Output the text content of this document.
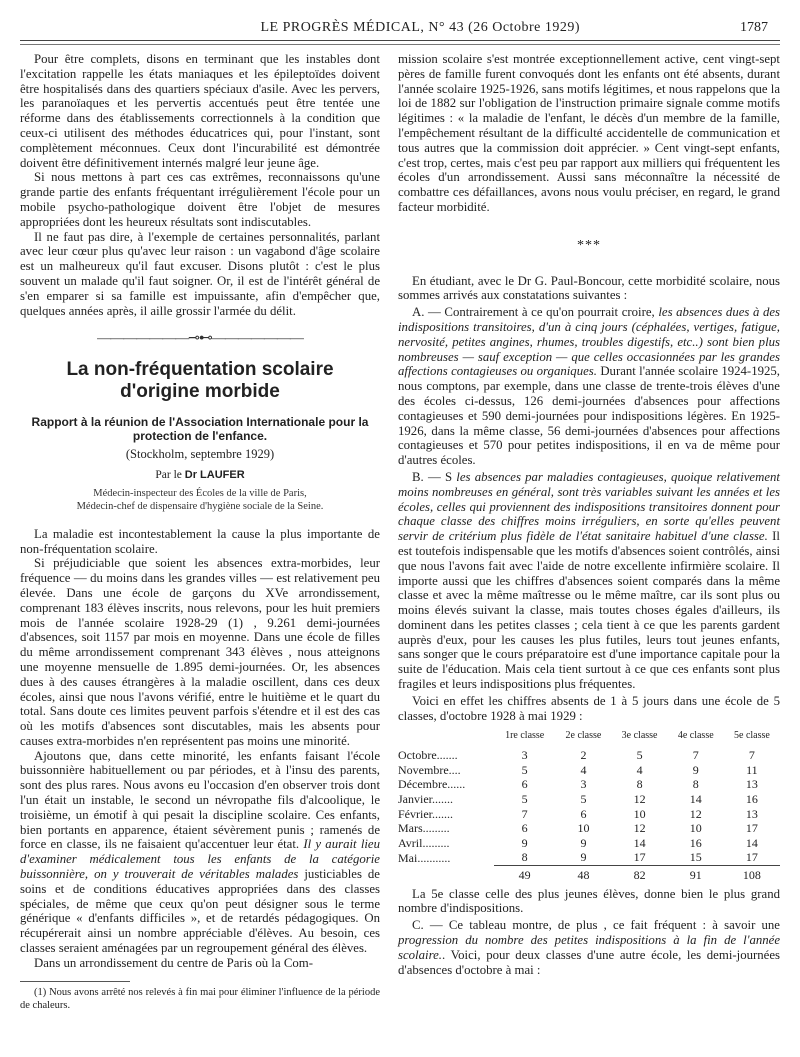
LE PROGRÈS MÉDICAL, N° 43 (26 Octobre 1929)	1787

Pour être complets, disons en terminant que les instables dont l'excitation rappelle les états maniaques et les épileptoïdes doivent être hospitalisés dans des quartiers spéciaux d'asile. Avec les pervers, les paranoïaques et les pervertis accentués peut être tentée une réforme dans des établissements correctionnels à la condition que ceux-ci utilisent des méthodes éducatrices qui, pour l'instant, sont complètement méconnues. Ceux dont l'incurabilité est démontrée doivent être définitivement internés malgré leur jeune âge.

Si nous mettons à part ces cas extrêmes, reconnaissons qu'une grande partie des enfants fréquentant irrégulièrement l'école pour un mobile psycho-pathologique doivent être l'objet de mesures appropriées dont les heureux résultats sont indiscutables.

Il ne faut pas dire, à l'exemple de certaines personnalités, parlant avec leur cœur plus qu'avec leur raison : un vagabond d'âge scolaire est un malheureux qu'il faut excuser. Disons plutôt : c'est le plus souvent un malade qu'il faut soigner. Or, il est de l'intérêt général de s'en emparer si sa famille est impuissante, afin d'empêcher que, quelques années après, il aille grossir l'armée du délit.

———————⊸⊷———————
La non-fréquentation scolaire
d'origine morbide
Rapport à la réunion de l'Association Internationale pour la protection de l'enfance.
(Stockholm, septembre 1929)
Par le Dr LAUFER
Médecin-inspecteur des Écoles de la ville de Paris,
Médecin-chef de dispensaire d'hygiène sociale de la Seine.

La maladie est incontestablement la cause la plus importante de non-fréquentation scolaire.

Si préjudiciable que soient les absences extra-morbides, leur fréquence — du moins dans les grandes villes — est relativement peu élevée. Dans une école de garçons du XVe arrondissement, comprenant 183 élèves inscrits, nous relevons, pour les huit premiers mois de l'année scolaire 1928-29 (1) , 9.261 demi-journées d'absences, soit 1157 par mois en moyenne. Dans une école de filles du même arrondissement comprenant 343 élèves , nous atteignons une moyenne mensuelle de 1.895 demi-journées. Or, les absences dues à des causes étrangères à la maladie oscillent, dans ces deux écoles, ainsi que nous l'avons vérifié, entre le huitième et le quart du total. Sans doute ces limites peuvent parfois s'étendre et il est des cas où les motifs d'absences sont discutables, mais les absents pour causes extra-morbides n'en représentent pas moins une minorité.

Ajoutons que, dans cette minorité, les enfants faisant l'école buissonnière habituellement ou par périodes, et à l'insu des parents, sont des plus rares. Nous avons eu l'occasion d'en observer trois dont l'un était un instable, le second un névropathe fils d'alcoolique, le troisième, un émotif à qui pesait la discipline scolaire. Ces enfants, bien portants en apparence, étaient sévèrement punis ; ramenés de force en classe, ils ne faisaient qu'accentuer leur état. Il y aurait lieu d'examiner médicalement tous les enfants de la catégorie buissonnière, on y trouverait de véritables malades justiciables de soins et de conditions éducatives appropriées dans des classes spéciales, de même que ceux qu'on peut désigner sous le terme générique « d'enfants difficiles », et de retardés pédagogiques. On récupérerait ainsi un nombre appréciable d'élèves. Au besoin, ces classes seraient aménagées par un regroupement général des élèves.

Dans un arrondissement du centre de Paris où la Com-

(1) Nous avons arrêté nos relevés à fin mai pour éliminer l'influence de la période de chaleurs.

mission scolaire s'est montrée exceptionnellement active, cent vingt-sept pères de famille furent convoqués dont les enfants ont été absents, durant l'année scolaire 1925-1926, sans motifs légitimes, et nous rappelons que la loi de 1882 sur l'obligation de l'instruction primaire signale comme motifs légitimes : « la maladie de l'enfant, le décès d'un membre de la famille, l'empêchement résultant de la difficulté accidentelle de communication et tous autres que la commission doit apprécier. » Cent vingt-sept enfants, c'est trop, certes, mais c'est peu par rapport aux milliers qui fréquentent les écoles d'un arrondissement. Aussi sans méconnaître la nécessité de combattre ces défaillances, avons nous voulu préciser, en regard, le grand facteur morbidité.

***

En étudiant, avec le Dr G. Paul-Boncour, cette morbidité scolaire, nous sommes arrivés aux constatations suivantes :

A. — Contrairement à ce qu'on pourrait croire, les absences dues à des indispositions transitoires, d'un à cinq jours (céphalées, vertiges, fatigue, nervosité, petites angines, rhumes, troubles digestifs, etc..) sont bien plus nombreuses — sauf exception — que celles occasionnées par les grandes affections contagieuses ou organiques. Durant l'année scolaire 1924-1925, nous comptons, par exemple, dans une classe de trente-trois élèves d'une des écoles ci-dessus, 126 demi-journées d'absences pour affections contagieuses et 590 demi-journées pour indispositions légères. En 1925-1926, dans la même classe, 56 demi-journées d'absences pour affections contagieuses et 570 pour petites indispositions, il en va de même pour d'autres écoles.

B. — S les absences par maladies contagieuses, quoique relativement moins nombreuses en général, sont très variables suivant les années et les écoles, celles qui proviennent des indispositions transitoires donnent pour chaque classe des chiffres moins irréguliers, en sorte qu'elles peuvent servir de critérium plus fidèle de l'état sanitaire habituel d'une classe. Il est toutefois indispensable que les motifs d'absences soient contrôlés, ainsi que nous l'avons fait avec l'aide de notre excellente infirmière scolaire. Il importe aussi que les chiffres d'absences soient comparés dans la même classe et avec la même maîtresse ou le même maître, car ils sont plus ou moins élevés suivant la classe, mais toutes choses égales d'ailleurs, ils dominent dans les petites classes ; cela tient à ce que les parents gardent auprès d'eux, pour les causes les plus futiles, leurs tout jeunes enfants, sans songer que le cours préparatoire est d'une importance capitale pour la suite de l'éducation. Mais cela tient surtout à ce que ces enfants sont plus fragiles et leurs indispositions plus fréquentes.

Voici en effet les chiffres absents de 1 à 5 jours dans une école de 5 classes, d'octobre 1928 à mai 1929 :

	1re classe	2e classe	3e classe	4e classe	5e classe
Octobre.......	3	2	5	7	7
Novembre....	5	4	4	9	11
Décembre......	6	3	8	8	13
Janvier.......	5	5	12	14	16
Février.......	7	6	10	12	13
Mars.........	6	10	12	10	17
Avril.........	9	9	14	16	14
Mai...........	8	9	17	15	17
	49	48	82	91	108

La 5e classe celle des plus jeunes élèves, donne bien le plus grand nombre d'indispositions.

C. — Ce tableau montre, de plus , ce fait fréquent : à savoir une progression du nombre des petites indispositions à la fin de l'année scolaire.. Voici, pour deux classes d'une autre école, les demi-journées d'absences d'octobre à mai :
